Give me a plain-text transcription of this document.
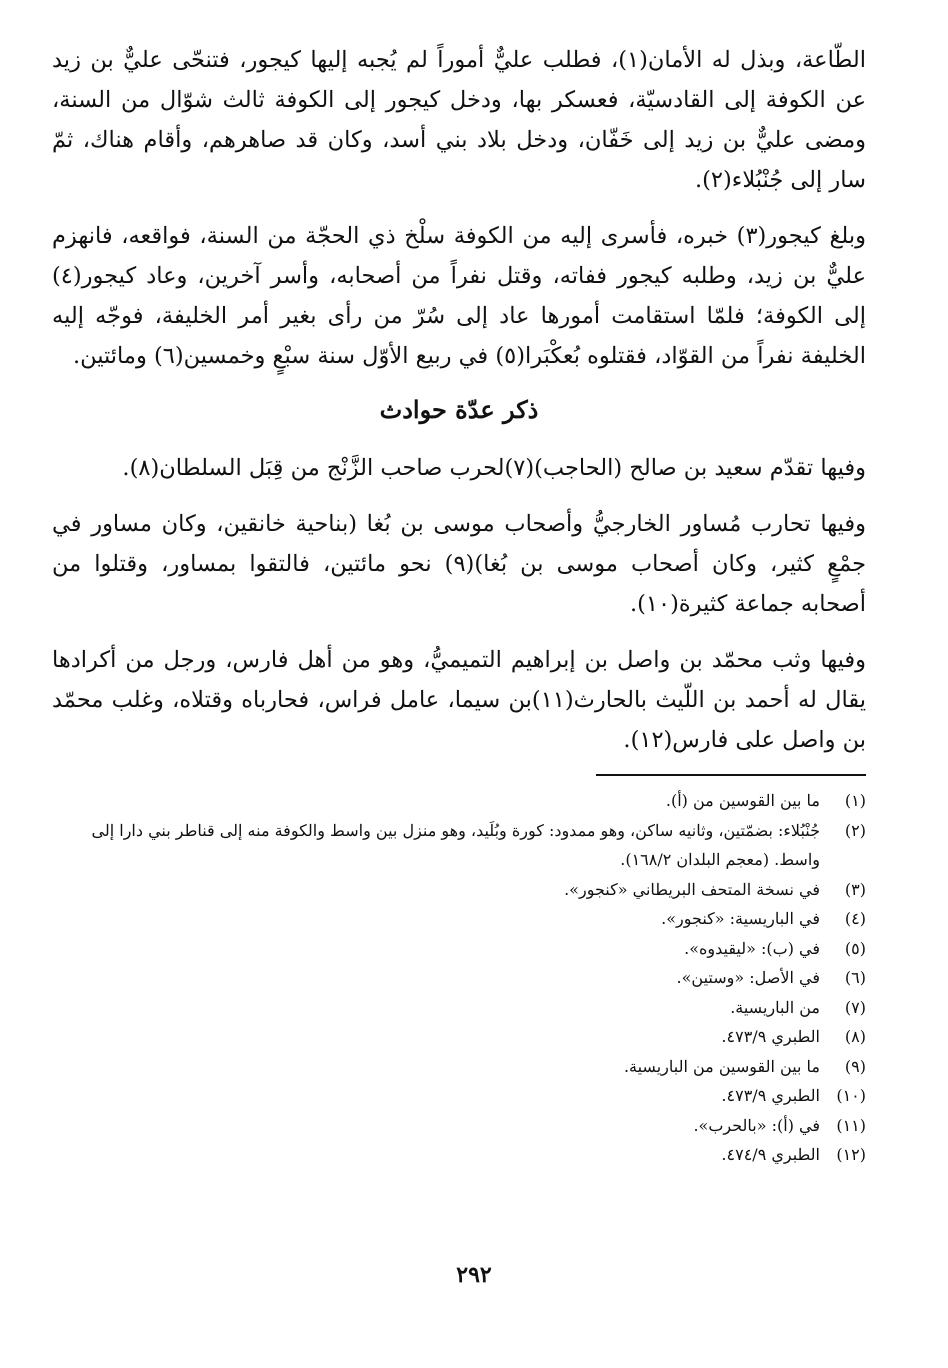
الطّاعة، وبذل له الأمان(١)، فطلب عليٌّ أموراً لم يُجبه إليها كيجور، فتنحّى عليٌّ بن زيد عن الكوفة إلى القادسيّة، فعسكر بها، ودخل كيجور إلى الكوفة ثالث شوّال من السنة، ومضى عليٌّ بن زيد إلى خَفّان، ودخل بلاد بني أسد، وكان قد صاهرهم، وأقام هناك، ثمّ سار إلى جُنْبُلاء(٢).

وبلغ كيجور(٣) خبره، فأسرى إليه من الكوفة سلْخ ذي الحجّة من السنة، فواقعه، فانهزم عليٌّ بن زيد، وطلبه كيجور ففاته، وقتل نفراً من أصحابه، وأسر آخرين، وعاد كيجور(٤) إلى الكوفة؛ فلمّا استقامت أمورها عاد إلى سُرّ من رأى بغير أمر الخليفة، فوجّه إليه الخليفة نفراً من القوّاد، فقتلوه بُعكْبَرا(٥) في ربيع الأوّل سنة سبْعٍ وخمسين(٦) ومائتين.

ذكر عدّة حوادث

وفيها تقدّم سعيد بن صالح (الحاجب)(٧)لحرب صاحب الزَّنْج من قِبَل السلطان(٨).

وفيها تحارب مُساور الخارجيُّ وأصحاب موسى بن بُغا (بناحية خانقين، وكان مساور في جمْعٍ كثير، وكان أصحاب موسى بن بُغا)(٩) نحو مائتين، فالتقوا بمساور، وقتلوا من أصحابه جماعة كثيرة(١٠).

وفيها وثب محمّد بن واصل بن إبراهيم التميميُّ، وهو من أهل فارس، ورجل من أكرادها يقال له أحمد بن اللّيث بالحارث(١١)بن سيما، عامل فراس، فحارباه وقتلاه، وغلب محمّد بن واصل على فارس(١٢).

(١)
ما بين القوسين من (أ).
(٢)
جُنْبُلاء: بضمّتين، وثانيه ساكن، وهو ممدود: كورة وبُلَيد، وهو منزل بين واسط والكوفة منه إلى قناطر بني دارا إلى واسط. (معجم البلدان ١٦٨/٢).
(٣)
في نسخة المتحف البريطاني «كنجور».
(٤)
في الباريسية: «كنجور».
(٥)
في (ب): «ليقيدوه».
(٦)
في الأصل: «وستين».
(٧)
من الباريسية.
(٨)
الطبري ٤٧٣/٩.
(٩)
ما بين القوسين من الباريسية.
(١٠)
الطبري ٤٧٣/٩.
(١١)
في (أ): «بالحرب».
(١٢)
الطبري ٤٧٤/٩.
٢٩٢
